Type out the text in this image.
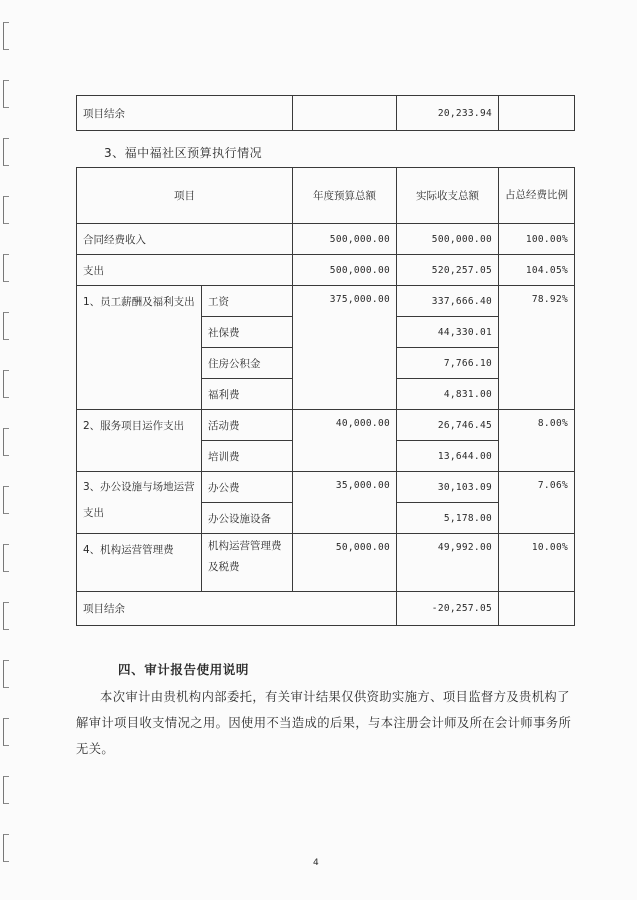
项目结余		20,233.94	
3、福中福社区预算执行情况
项目		年度预算总额	实际收支总额	占总经费比例
合同经费收入		500,000.00	500,000.00	100.00%
支出		500,000.00	520,257.05	104.05%
1、员工薪酬及福利支出	工资	375,000.00	337,666.40	78.92%
	社保费		44,330.01	
	住房公积金		7,766.10	
	福利费		4,831.00	
2、服务项目运作支出	活动费	40,000.00	26,746.45	8.00%
	培训费		13,644.00	
3、办公设施与场地运营支出	办公费	35,000.00	30,103.09	7.06%
	办公设施设备		5,178.00	
4、机构运营管理费	机构运营管理费及税费	50,000.00	49,992.00	10.00%
项目结余			-20,257.05	
四、审计报告使用说明
本次审计由贵机构内部委托，有关审计结果仅供资助实施方、项目监督方及贵机构了解审计项目收支情况之用。因使用不当造成的后果，与本注册会计师及所在会计师事务所无关。
4
